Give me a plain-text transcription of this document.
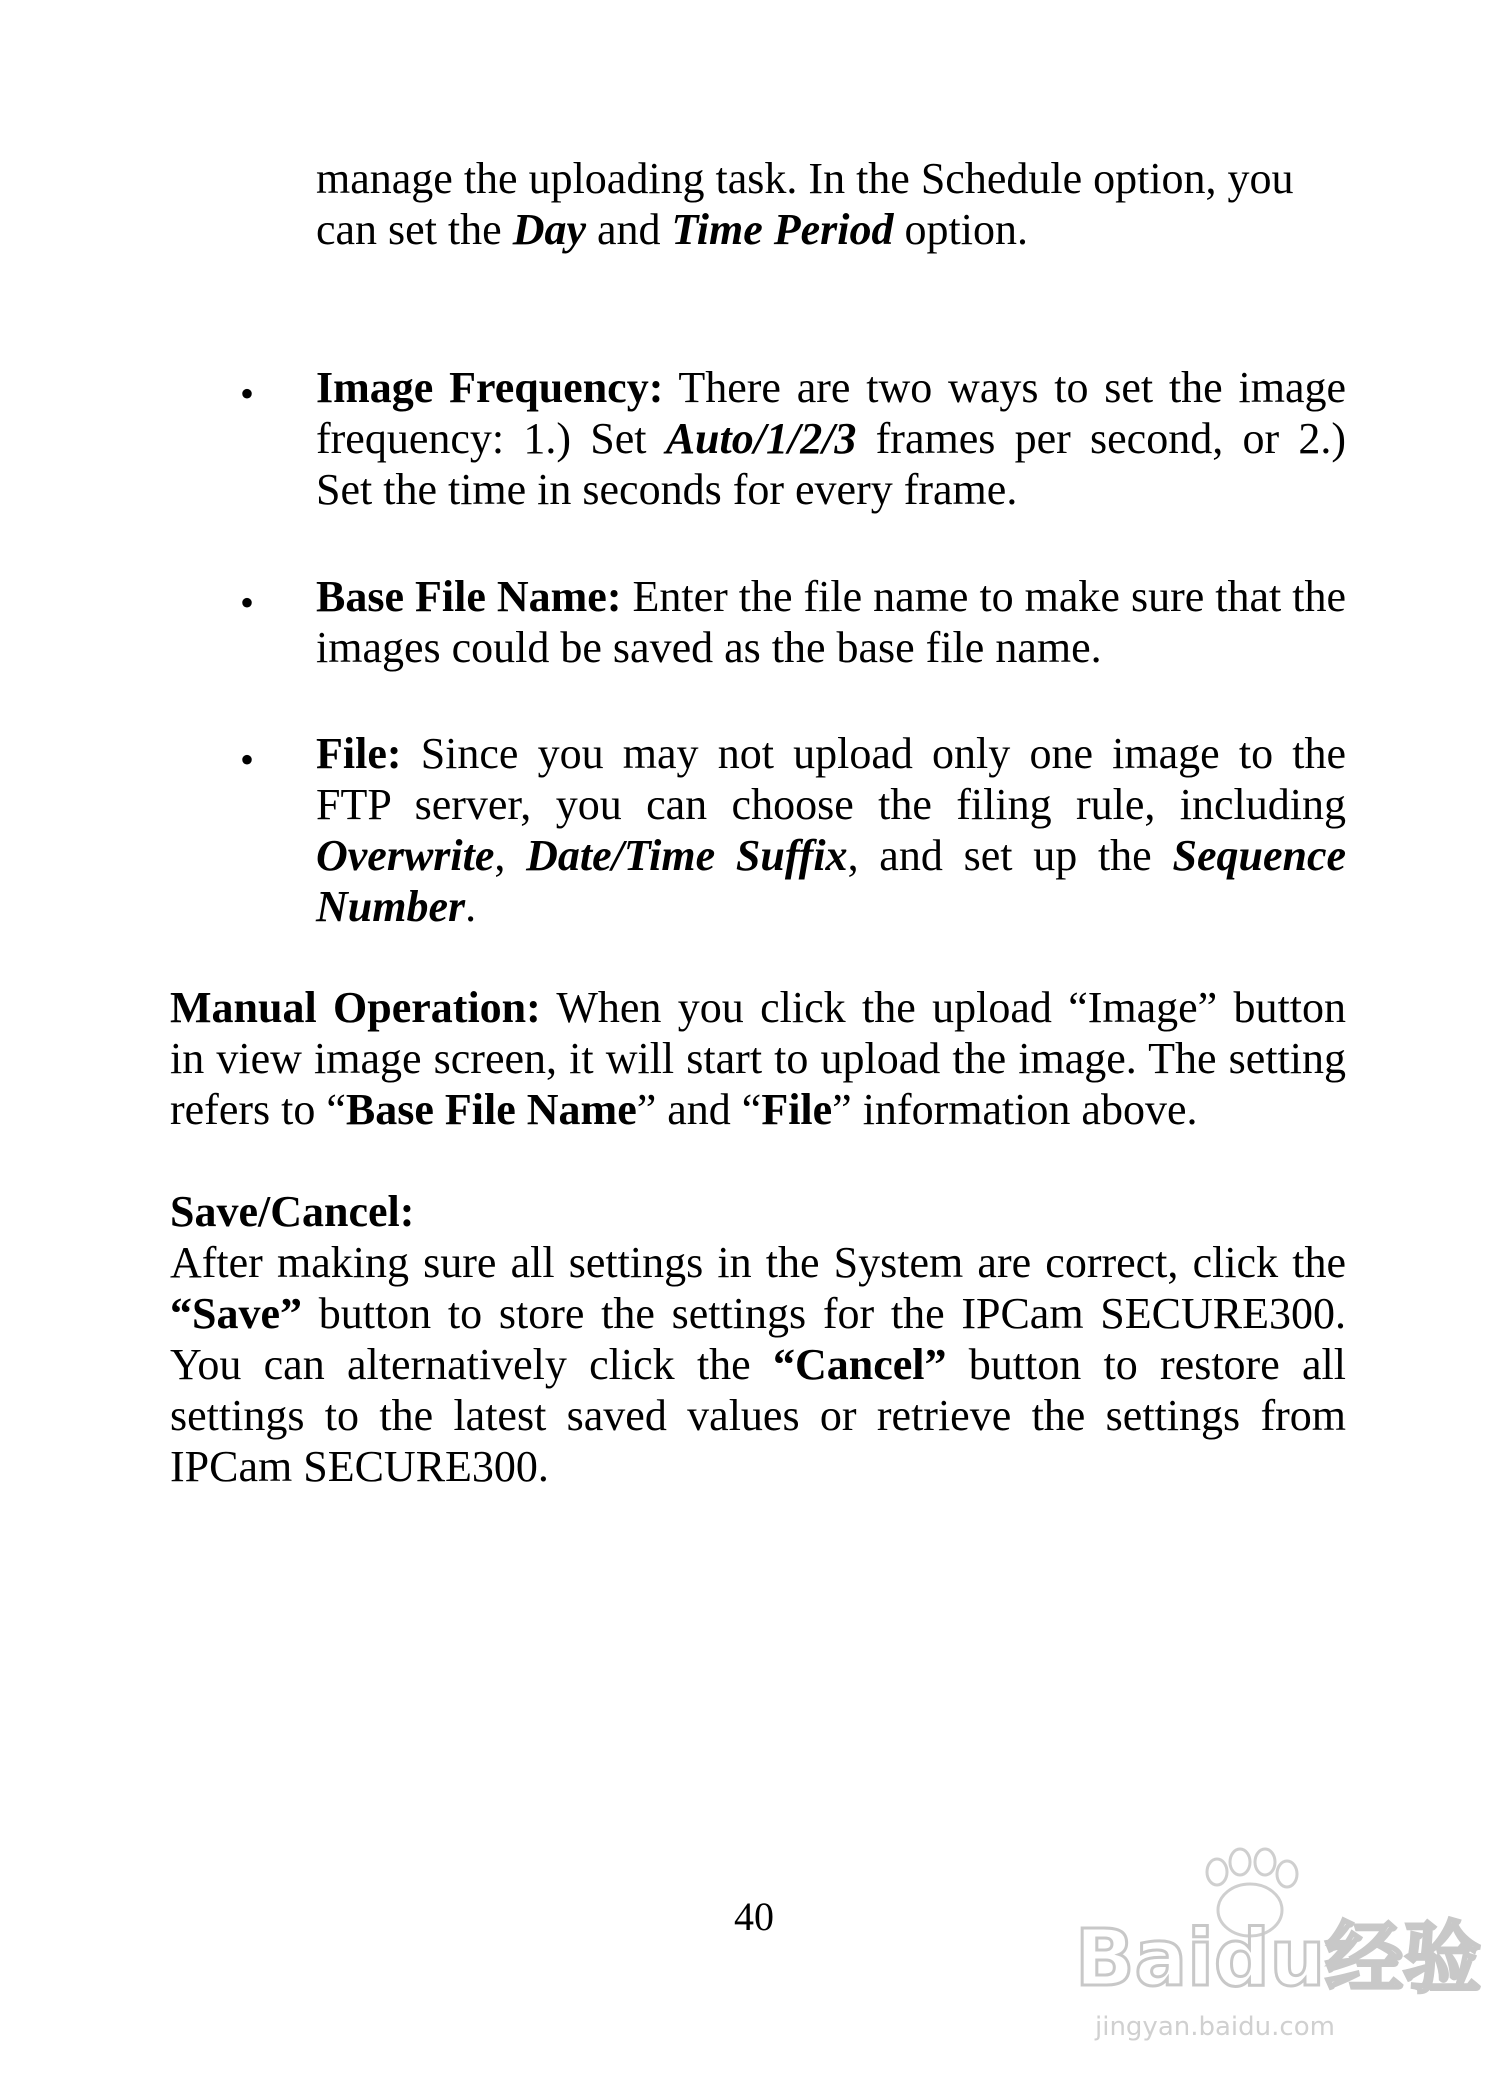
manage the uploading task. In the Schedule option, you
can set the Day and Time Period option.
• Image Frequency: There are two ways to set the image frequency: 1.) Set Auto/1/2/3 frames per second, or 2.) Set the time in seconds for every frame.
• Base File Name: Enter the file name to make sure that the images could be saved as the base file name.
• File: Since you may not upload only one image to the FTP server, you can choose the filing rule, including Overwrite, Date/Time Suffix, and set up the Sequence Number.
Manual Operation: When you click the upload “Image” button in view image screen, it will start to upload the image. The setting refers to “Base File Name” and “File” information above.
Save/Cancel:
After making sure all settings in the System are correct, click the “Save” button to store the settings for the IPCam SECURE300. You can alternatively click the “Cancel” button to restore all settings to the latest saved values or retrieve the settings from IPCam SECURE300.
40	Baidu经验
jingyan.baidu.com
